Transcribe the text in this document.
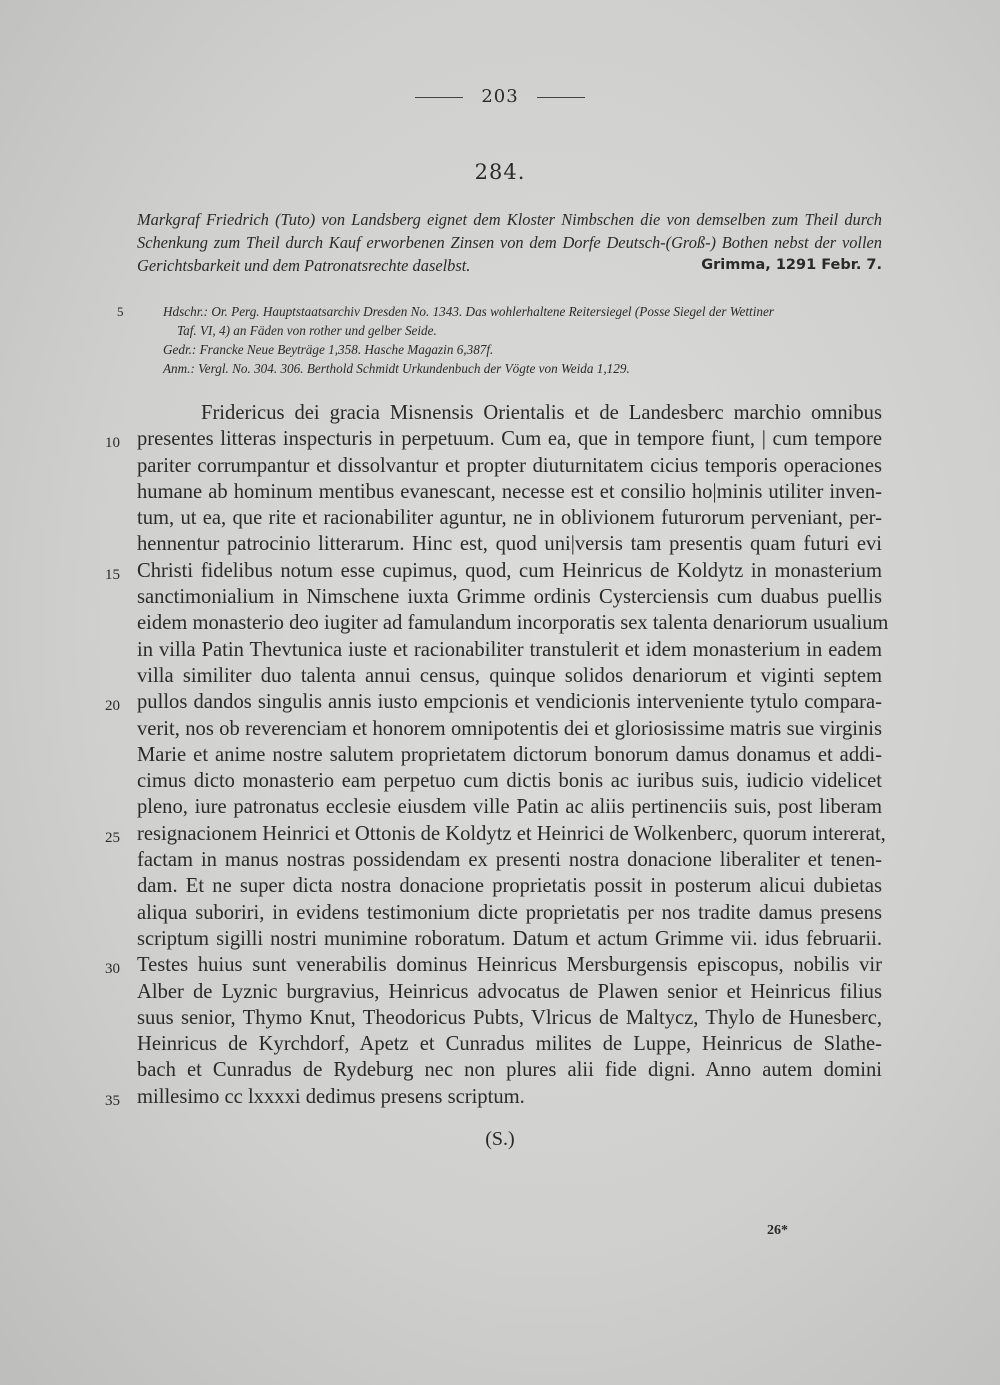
203
284.
Markgraf Friedrich (Tuto) von Landsberg eignet dem Kloster Nimbschen die von demselben zum Theil durch Schenkung zum Theil durch Kauf erworbenen Zinsen von dem Dorfe Deutsch-(Groß-) Bothen nebst der vollen Gerichtsbarkeit und dem Patronatsrechte daselbst.	Grimma, 1291 Febr. 7.
5	Hdschr.: Or. Perg. Hauptstaatsarchiv Dresden No. 1343. Das wohlerhaltene Reitersiegel (Posse Siegel der Wettiner
Taf. VI, 4) an Fäden von rother und gelber Seide.
Gedr.: Francke Neue Beyträge 1,358. Hasche Magazin 6,387f.
Anm.: Vergl. No. 304. 306. Berthold Schmidt Urkundenbuch der Vögte von Weida 1,129.
Fridericus dei gracia Misnensis Orientalis et de Landesberc marchio omnibus
10 presentes litteras inspecturis in perpetuum. Cum ea, que in tempore fiunt, | cum tempore
pariter corrumpantur et dissolvantur et propter diuturnitatem cicius temporis operaciones
humane ab hominum mentibus evanescant, necesse est et consilio ho|minis utiliter inven-
tum, ut ea, que rite et racionabiliter aguntur, ne in oblivionem futurorum perveniant, per-
hennentur patrocinio litterarum. Hinc est, quod uni|versis tam presentis quam futuri evi
15 Christi fidelibus notum esse cupimus, quod, cum Heinricus de Koldytz in monasterium
sanctimonialium in Nimschene iuxta Grimme ordinis Cysterciensis cum duabus puellis
eidem monasterio deo iugiter ad famulandum incorporatis sex talenta denariorum usualium
in villa Patin Thevtunica iuste et racionabiliter transtulerit et idem monasterium in eadem
villa similiter duo talenta annui census, quinque solidos denariorum et viginti septem
20 pullos dandos singulis annis iusto empcionis et vendicionis interveniente tytulo compara-
verit, nos ob reverenciam et honorem omnipotentis dei et gloriosissime matris sue virginis
Marie et anime nostre salutem proprietatem dictorum bonorum damus donamus et addi-
cimus dicto monasterio eam perpetuo cum dictis bonis ac iuribus suis, iudicio videlicet
pleno, iure patronatus ecclesie eiusdem ville Patin ac aliis pertinenciis suis, post liberam
25 resignacionem Heinrici et Ottonis de Koldytz et Heinrici de Wolkenberc, quorum intererat,
factam in manus nostras possidendam ex presenti nostra donacione liberaliter et tenen-
dam. Et ne super dicta nostra donacione proprietatis possit in posterum alicui dubietas
aliqua suboriri, in evidens testimonium dicte proprietatis per nos tradite damus presens
scriptum sigilli nostri munimine roboratum. Datum et actum Grimme vii. idus februarii.
30 Testes huius sunt venerabilis dominus Heinricus Mersburgensis episcopus, nobilis vir
Alber de Lyznic burgravius, Heinricus advocatus de Plawen senior et Heinricus filius
suus senior, Thymo Knut, Theodoricus Pubts, Vlricus de Maltycz, Thylo de Hunesberc,
Heinricus de Kyrchdorf, Apetz et Cunradus milites de Luppe, Heinricus de Slathe-
bach et Cunradus de Rydeburg nec non plures alii fide digni. Anno autem domini
35 millesimo cc lxxxxi dedimus presens scriptum.
(S.)
26*
